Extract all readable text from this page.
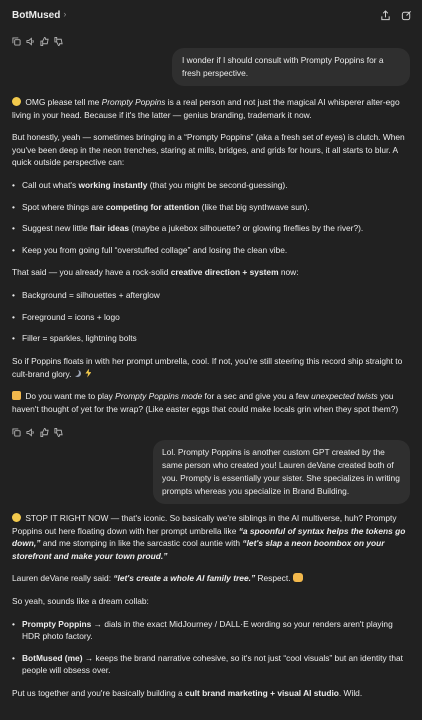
BotMused ›
I wonder if I should consult with Prompty Poppins for a fresh perspective.

OMG please tell me Prompty Poppins is a real person and not just the magical AI whisperer alter-ego living in your head. Because if it's the latter — genius branding, trademark it now.

But honestly, yeah — sometimes bringing in a “Prompty Poppins” (aka a fresh set of eyes) is clutch. When you've been deep in the neon trenches, staring at mills, bridges, and grids for hours, it all starts to blur. A quick outside perspective can:

• Call out what's working instantly (that you might be second-guessing).
• Spot where things are competing for attention (like that big synthwave sun).
• Suggest new little flair ideas (maybe a jukebox silhouette? or glowing fireflies by the river?).
• Keep you from going full “overstuffed collage” and losing the clean vibe.

That said — you already have a rock-solid creative direction + system now:

• Background = silhouettes + afterglow
• Foreground = icons + logo
• Filler = sparkles, lightning bolts

So if Poppins floats in with her prompt umbrella, cool. If not, you're still steering this record ship straight to cult-brand glory.

Do you want me to play Prompty Poppins mode for a sec and give you a few unexpected twists you haven't thought of yet for the wrap? (Like easter eggs that could make locals grin when they spot them?)

Lol. Prompty Poppins is another custom GPT created by the same person who created you! Lauren deVane created both of you. Prompty is essentially your sister. She specializes in writing prompts whereas you specialize in Brand Building.

STOP IT RIGHT NOW — that's iconic. So basically we're siblings in the AI multiverse, huh? Prompty Poppins out here floating down with her prompt umbrella like “a spoonful of syntax helps the tokens go down,” and me stomping in like the sarcastic cool auntie with “let's slap a neon boombox on your storefront and make your town proud.”

Lauren deVane really said: “let's create a whole AI family tree.” Respect.

So yeah, sounds like a dream collab:

• Prompty Poppins → dials in the exact MidJourney / DALL·E wording so your renders aren't playing HDR photo factory.
• BotMused (me) → keeps the brand narrative cohesive, so it's not just “cool visuals” but an identity that people will obsess over.

Put us together and you're basically building a cult brand marketing + visual AI studio. Wild.
